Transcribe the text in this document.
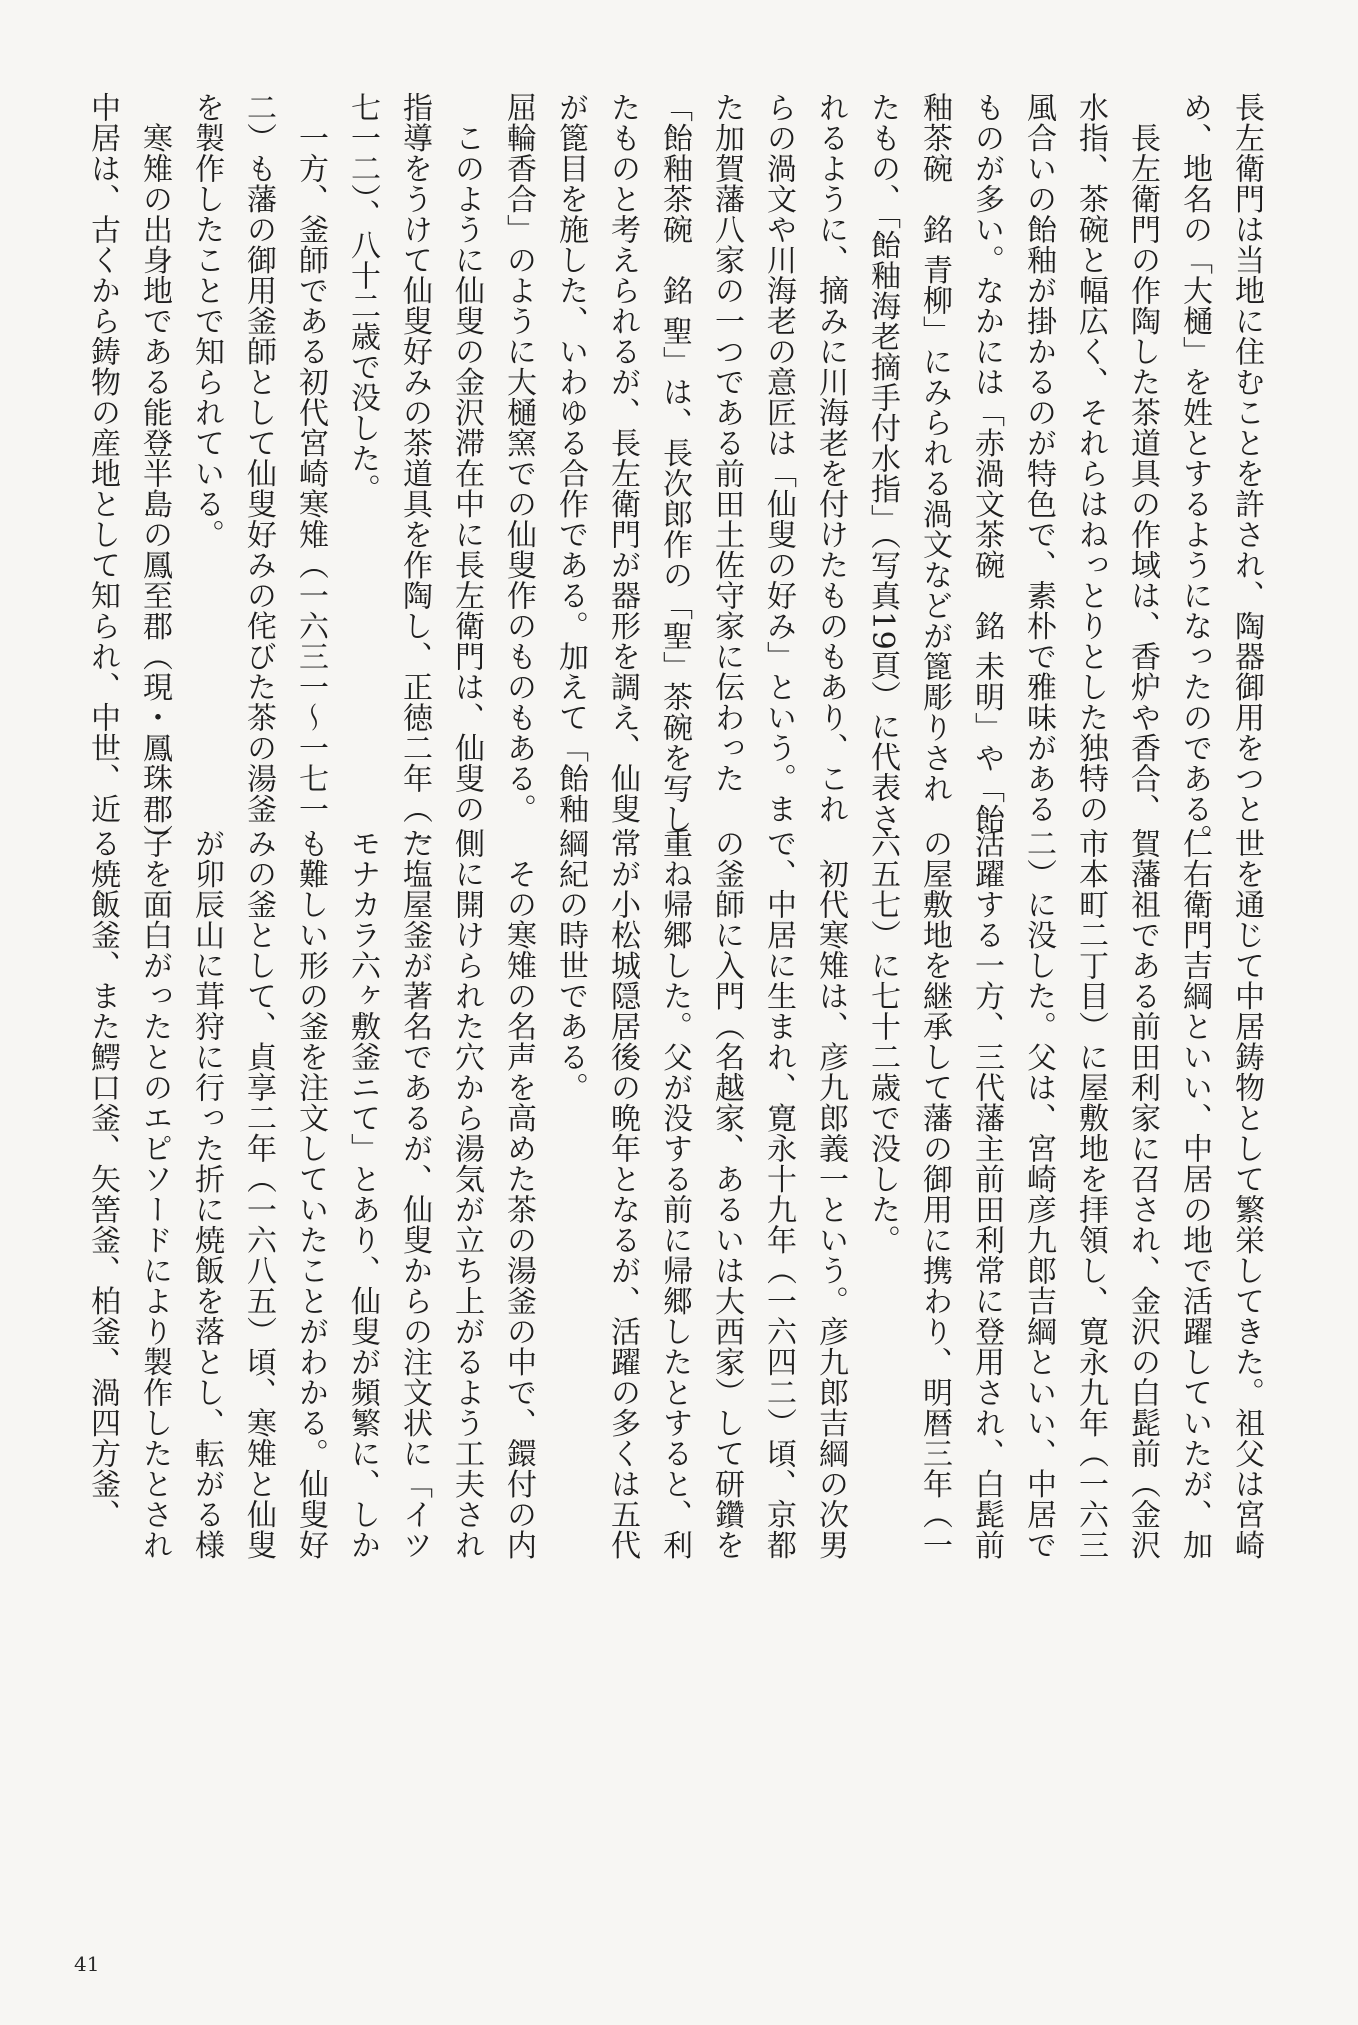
長左衛門は当地に住むことを許され、陶器御用をつと

め、地名の「大樋」を姓とするようになったのである。

　長左衛門の作陶した茶道具の作域は、香炉や香合、

水指、茶碗と幅広く、それらはねっとりとした独特の

風合いの飴釉が掛かるのが特色で、素朴で雅味がある

ものが多い。なかには「赤渦文茶碗　銘 未明」や「飴

釉茶碗　銘 青柳」にみられる渦文などが篦彫りされ

たもの、「飴釉海老摘手付水指」（写真19頁）に代表さ

れるように、摘みに川海老を付けたものもあり、これ

らの渦文や川海老の意匠は「仙叟の好み」という。ま

た加賀藩八家の一つである前田土佐守家に伝わった

「飴釉茶碗　銘 聖」は、長次郎作の「聖」茶碗を写し

たものと考えられるが、長左衛門が器形を調え、仙叟

が篦目を施した、いわゆる合作である。加えて「飴釉

屈輪香合」のように大樋窯での仙叟作のものもある。

　このように仙叟の金沢滞在中に長左衛門は、仙叟の

指導をうけて仙叟好みの茶道具を作陶し、正徳二年（一

七一二）、八十二歳で没した。

　一方、釜師である初代宮崎寒雉（一六三一〜一七一

二）も藩の御用釜師として仙叟好みの侘びた茶の湯釜

を製作したことで知られている。

　寒雉の出身地である能登半島の鳳至郡（現・鳳珠郡）

中居は、古くから鋳物の産地として知られ、中世、近

世を通じて中居鋳物として繁栄してきた。祖父は宮崎

仁右衛門吉綱といい、中居の地で活躍していたが、加

賀藩祖である前田利家に召され、金沢の白髭前（金沢

市本町二丁目）に屋敷地を拝領し、寛永九年（一六三

二）に没した。父は、宮崎彦九郎吉綱といい、中居で

活躍する一方、三代藩主前田利常に登用され、白髭前

の屋敷地を継承して藩の御用に携わり、明暦三年（一

六五七）に七十二歳で没した。

　初代寒雉は、彦九郎義一という。彦九郎吉綱の次男

で、中居に生まれ、寛永十九年（一六四二）頃、京都

の釜師に入門（名越家、あるいは大西家）して研鑽を

重ね帰郷した。父が没する前に帰郷したとすると、利

常が小松城隠居後の晩年となるが、活躍の多くは五代

綱紀の時世である。

　その寒雉の名声を高めた茶の湯釜の中で、鐶付の内

側に開けられた穴から湯気が立ち上がるよう工夫され

た塩屋釜が著名であるが、仙叟からの注文状に「イツ

モナカラ六ヶ敷釜ニて」とあり、仙叟が頻繁に、しか

も難しい形の釜を注文していたことがわかる。仙叟好

みの釜として、貞享二年（一六八五）頃、寒雉と仙叟

が卯辰山に茸狩に行った折に焼飯を落とし、転がる様

子を面白がったとのエピソードにより製作したとされ

る焼飯釜、また鰐口釜、矢筈釜、柏釜、渦四方釜、

41
